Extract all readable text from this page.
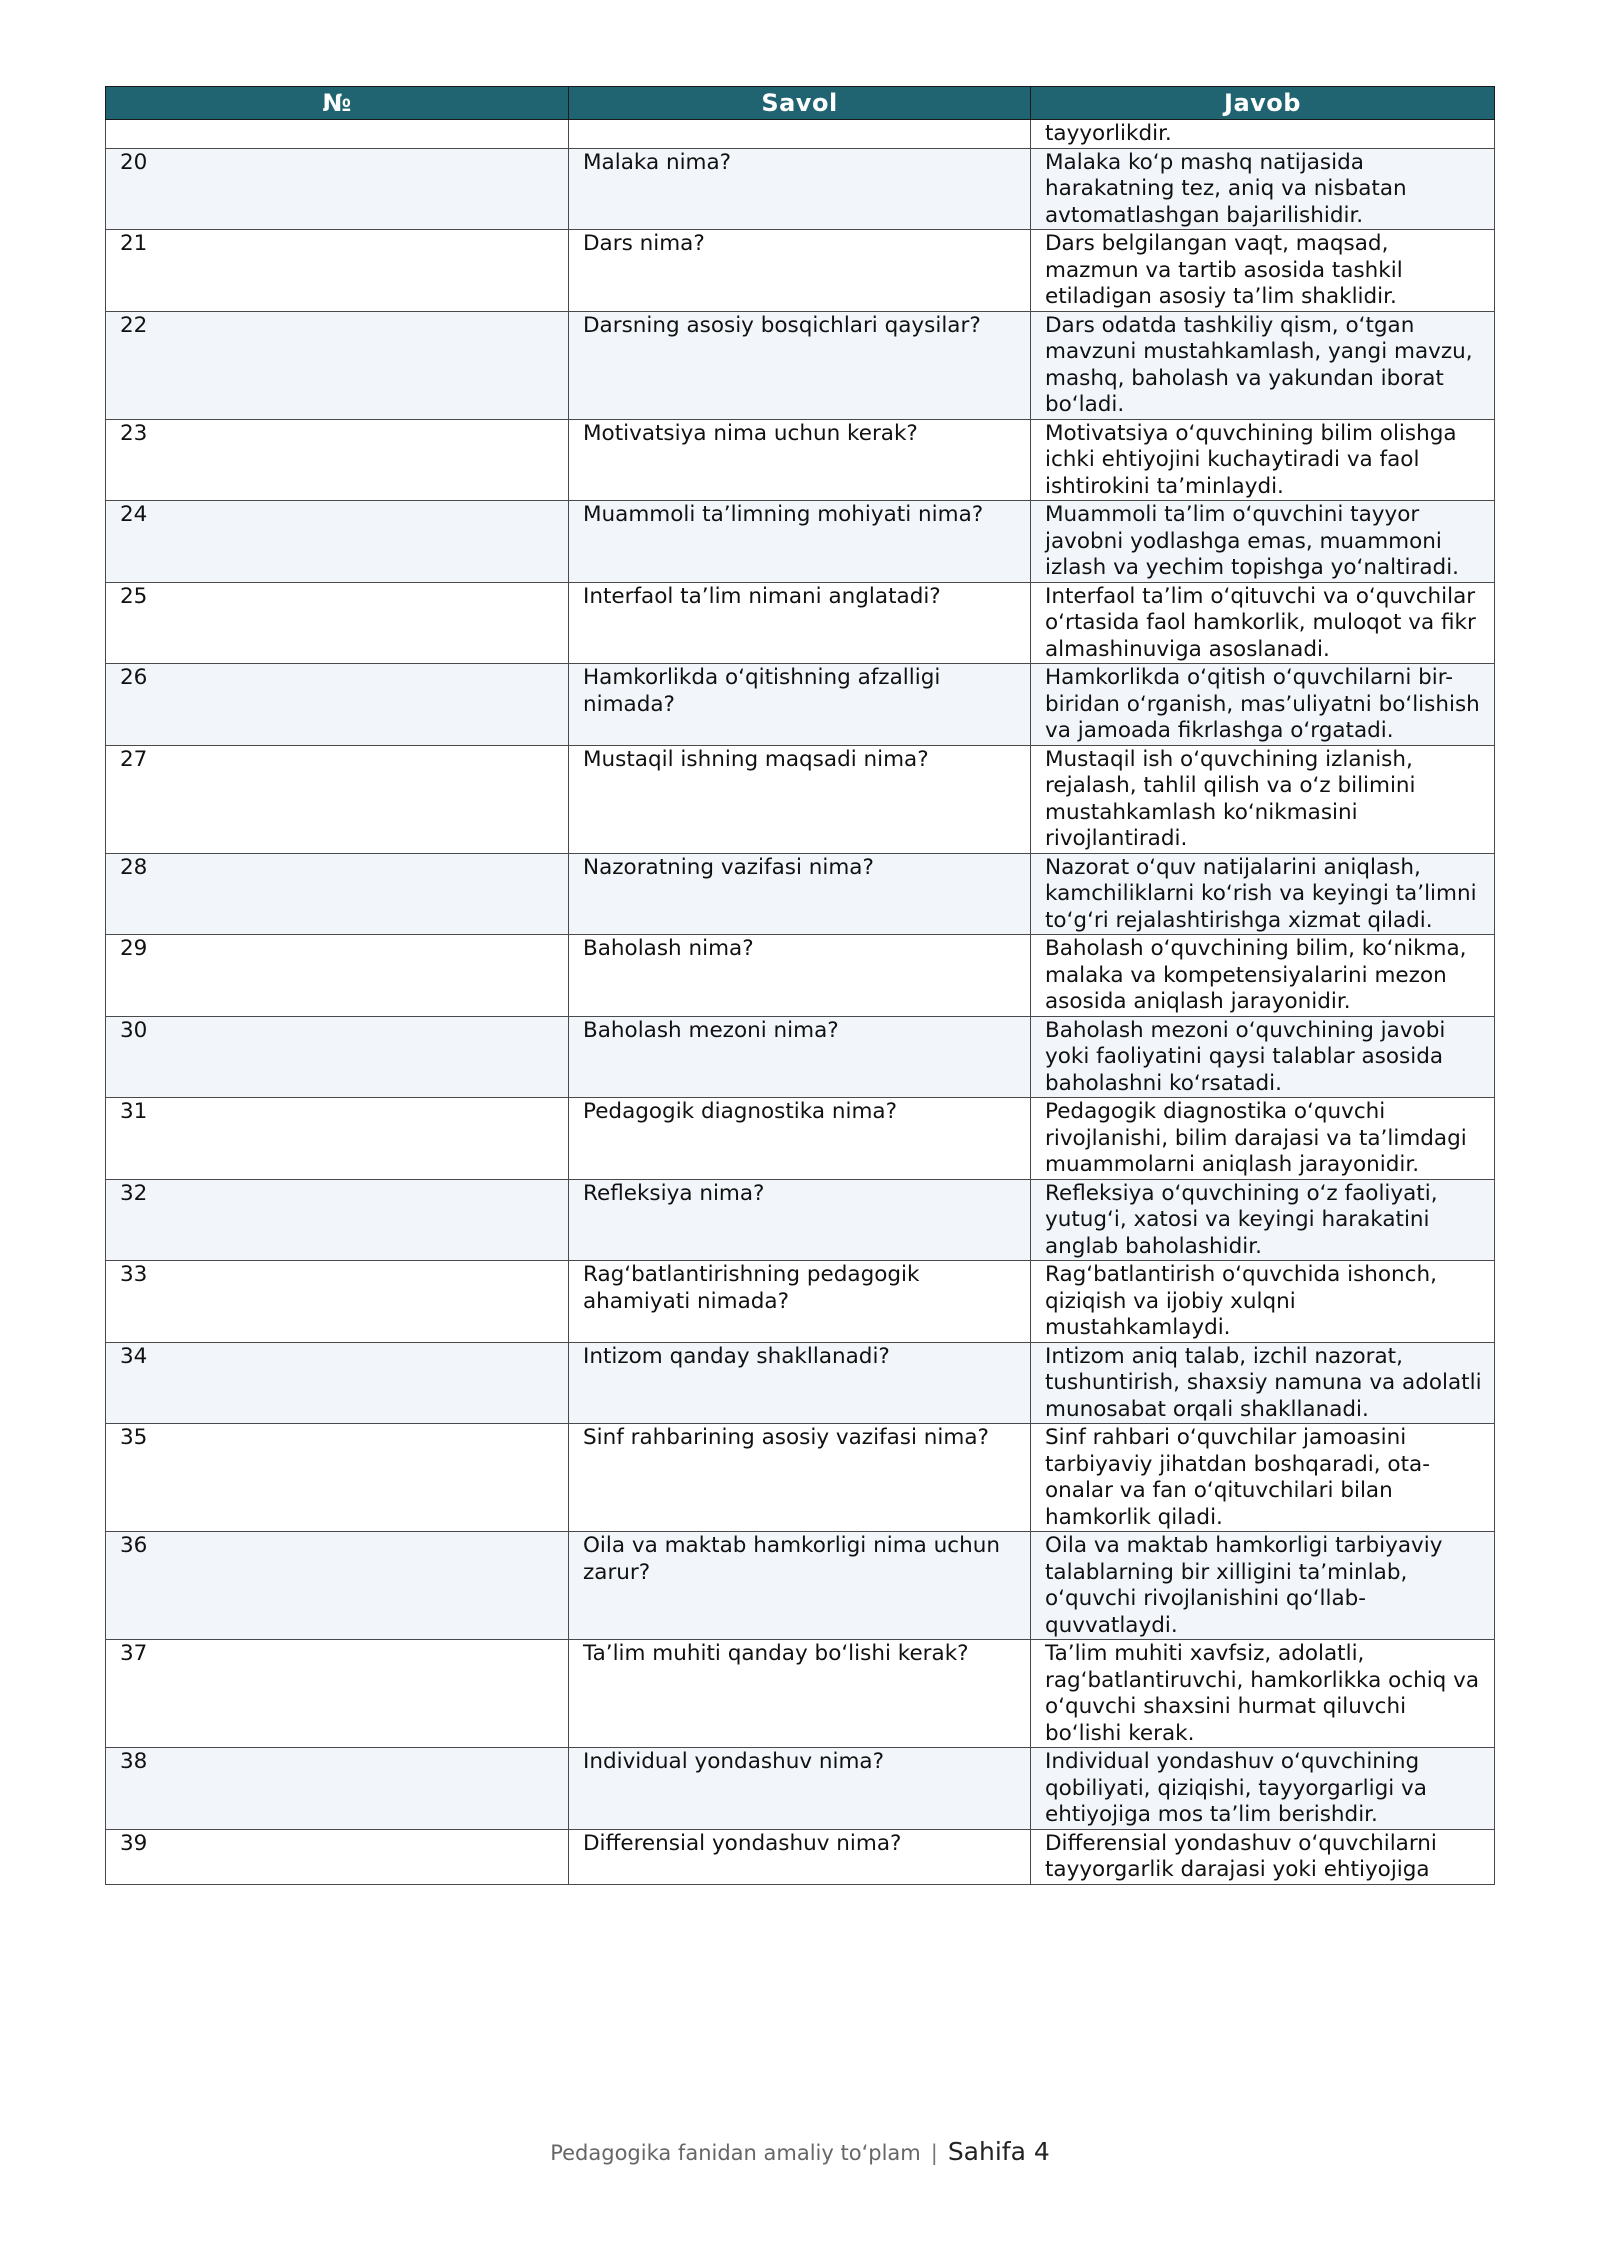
№	Savol	Javob
		tayyorlikdir.
20	Malaka nima?	Malaka ko‘p mashq natijasida harakatning tez, aniq va nisbatan avtomatlashgan bajarilishidir.
21	Dars nima?	Dars belgilangan vaqt, maqsad, mazmun va tartib asosida tashkil etiladigan asosiy ta’lim shaklidir.
22	Darsning asosiy bosqichlari qaysilar?	Dars odatda tashkiliy qism, o‘tgan mavzuni mustahkamlash, yangi mavzu, mashq, baholash va yakundan iborat bo‘ladi.
23	Motivatsiya nima uchun kerak?	Motivatsiya o‘quvchining bilim olishga ichki ehtiyojini kuchaytiradi va faol ishtirokini ta’minlaydi.
24	Muammoli ta’limning mohiyati nima?	Muammoli ta’lim o‘quvchini tayyor javobni yodlashga emas, muammoni izlash va yechim topishga yo‘naltiradi.
25	Interfaol ta’lim nimani anglatadi?	Interfaol ta’lim o‘qituvchi va o‘quvchilar o‘rtasida faol hamkorlik, muloqot va fikr almashinuviga asoslanadi.
26	Hamkorlikda o‘qitishning afzalligi nimada?	Hamkorlikda o‘qitish o‘quvchilarni bir-biridan o‘rganish, mas’uliyatni bo‘lishish va jamoada fikrlashga o‘rgatadi.
27	Mustaqil ishning maqsadi nima?	Mustaqil ish o‘quvchining izlanish, rejalash, tahlil qilish va o‘z bilimini mustahkamlash ko‘nikmasini rivojlantiradi.
28	Nazoratning vazifasi nima?	Nazorat o‘quv natijalarini aniqlash, kamchiliklarni ko‘rish va keyingi ta’limni to‘g‘ri rejalashtirishga xizmat qiladi.
29	Baholash nima?	Baholash o‘quvchining bilim, ko‘nikma, malaka va kompetensiyalarini mezon asosida aniqlash jarayonidir.
30	Baholash mezoni nima?	Baholash mezoni o‘quvchining javobi yoki faoliyatini qaysi talablar asosida baholashni ko‘rsatadi.
31	Pedagogik diagnostika nima?	Pedagogik diagnostika o‘quvchi rivojlanishi, bilim darajasi va ta’limdagi muammolarni aniqlash jarayonidir.
32	Refleksiya nima?	Refleksiya o‘quvchining o‘z faoliyati, yutug‘i, xatosi va keyingi harakatini anglab baholashidir.
33	Rag‘batlantirishning pedagogik ahamiyati nimada?	Rag‘batlantirish o‘quvchida ishonch, qiziqish va ijobiy xulqni mustahkamlaydi.
34	Intizom qanday shakllanadi?	Intizom aniq talab, izchil nazorat, tushuntirish, shaxsiy namuna va adolatli munosabat orqali shakllanadi.
35	Sinf rahbarining asosiy vazifasi nima?	Sinf rahbari o‘quvchilar jamoasini tarbiyaviy jihatdan boshqaradi, ota-onalar va fan o‘qituvchilari bilan hamkorlik qiladi.
36	Oila va maktab hamkorligi nima uchun zarur?	Oila va maktab hamkorligi tarbiyaviy talablarning bir xilligini ta’minlab, o‘quvchi rivojlanishini qo‘llab-quvvatlaydi.
37	Ta’lim muhiti qanday bo‘lishi kerak?	Ta’lim muhiti xavfsiz, adolatli, rag‘batlantiruvchi, hamkorlikka ochiq va o‘quvchi shaxsini hurmat qiluvchi bo‘lishi kerak.
38	Individual yondashuv nima?	Individual yondashuv o‘quvchining qobiliyati, qiziqishi, tayyorgarligi va ehtiyojiga mos ta’lim berishdir.
39	Differensial yondashuv nima?	Differensial yondashuv o‘quvchilarni tayyorgarlik darajasi yoki ehtiyojiga
Pedagogika fanidan amaliy to‘plam | Sahifa 4
